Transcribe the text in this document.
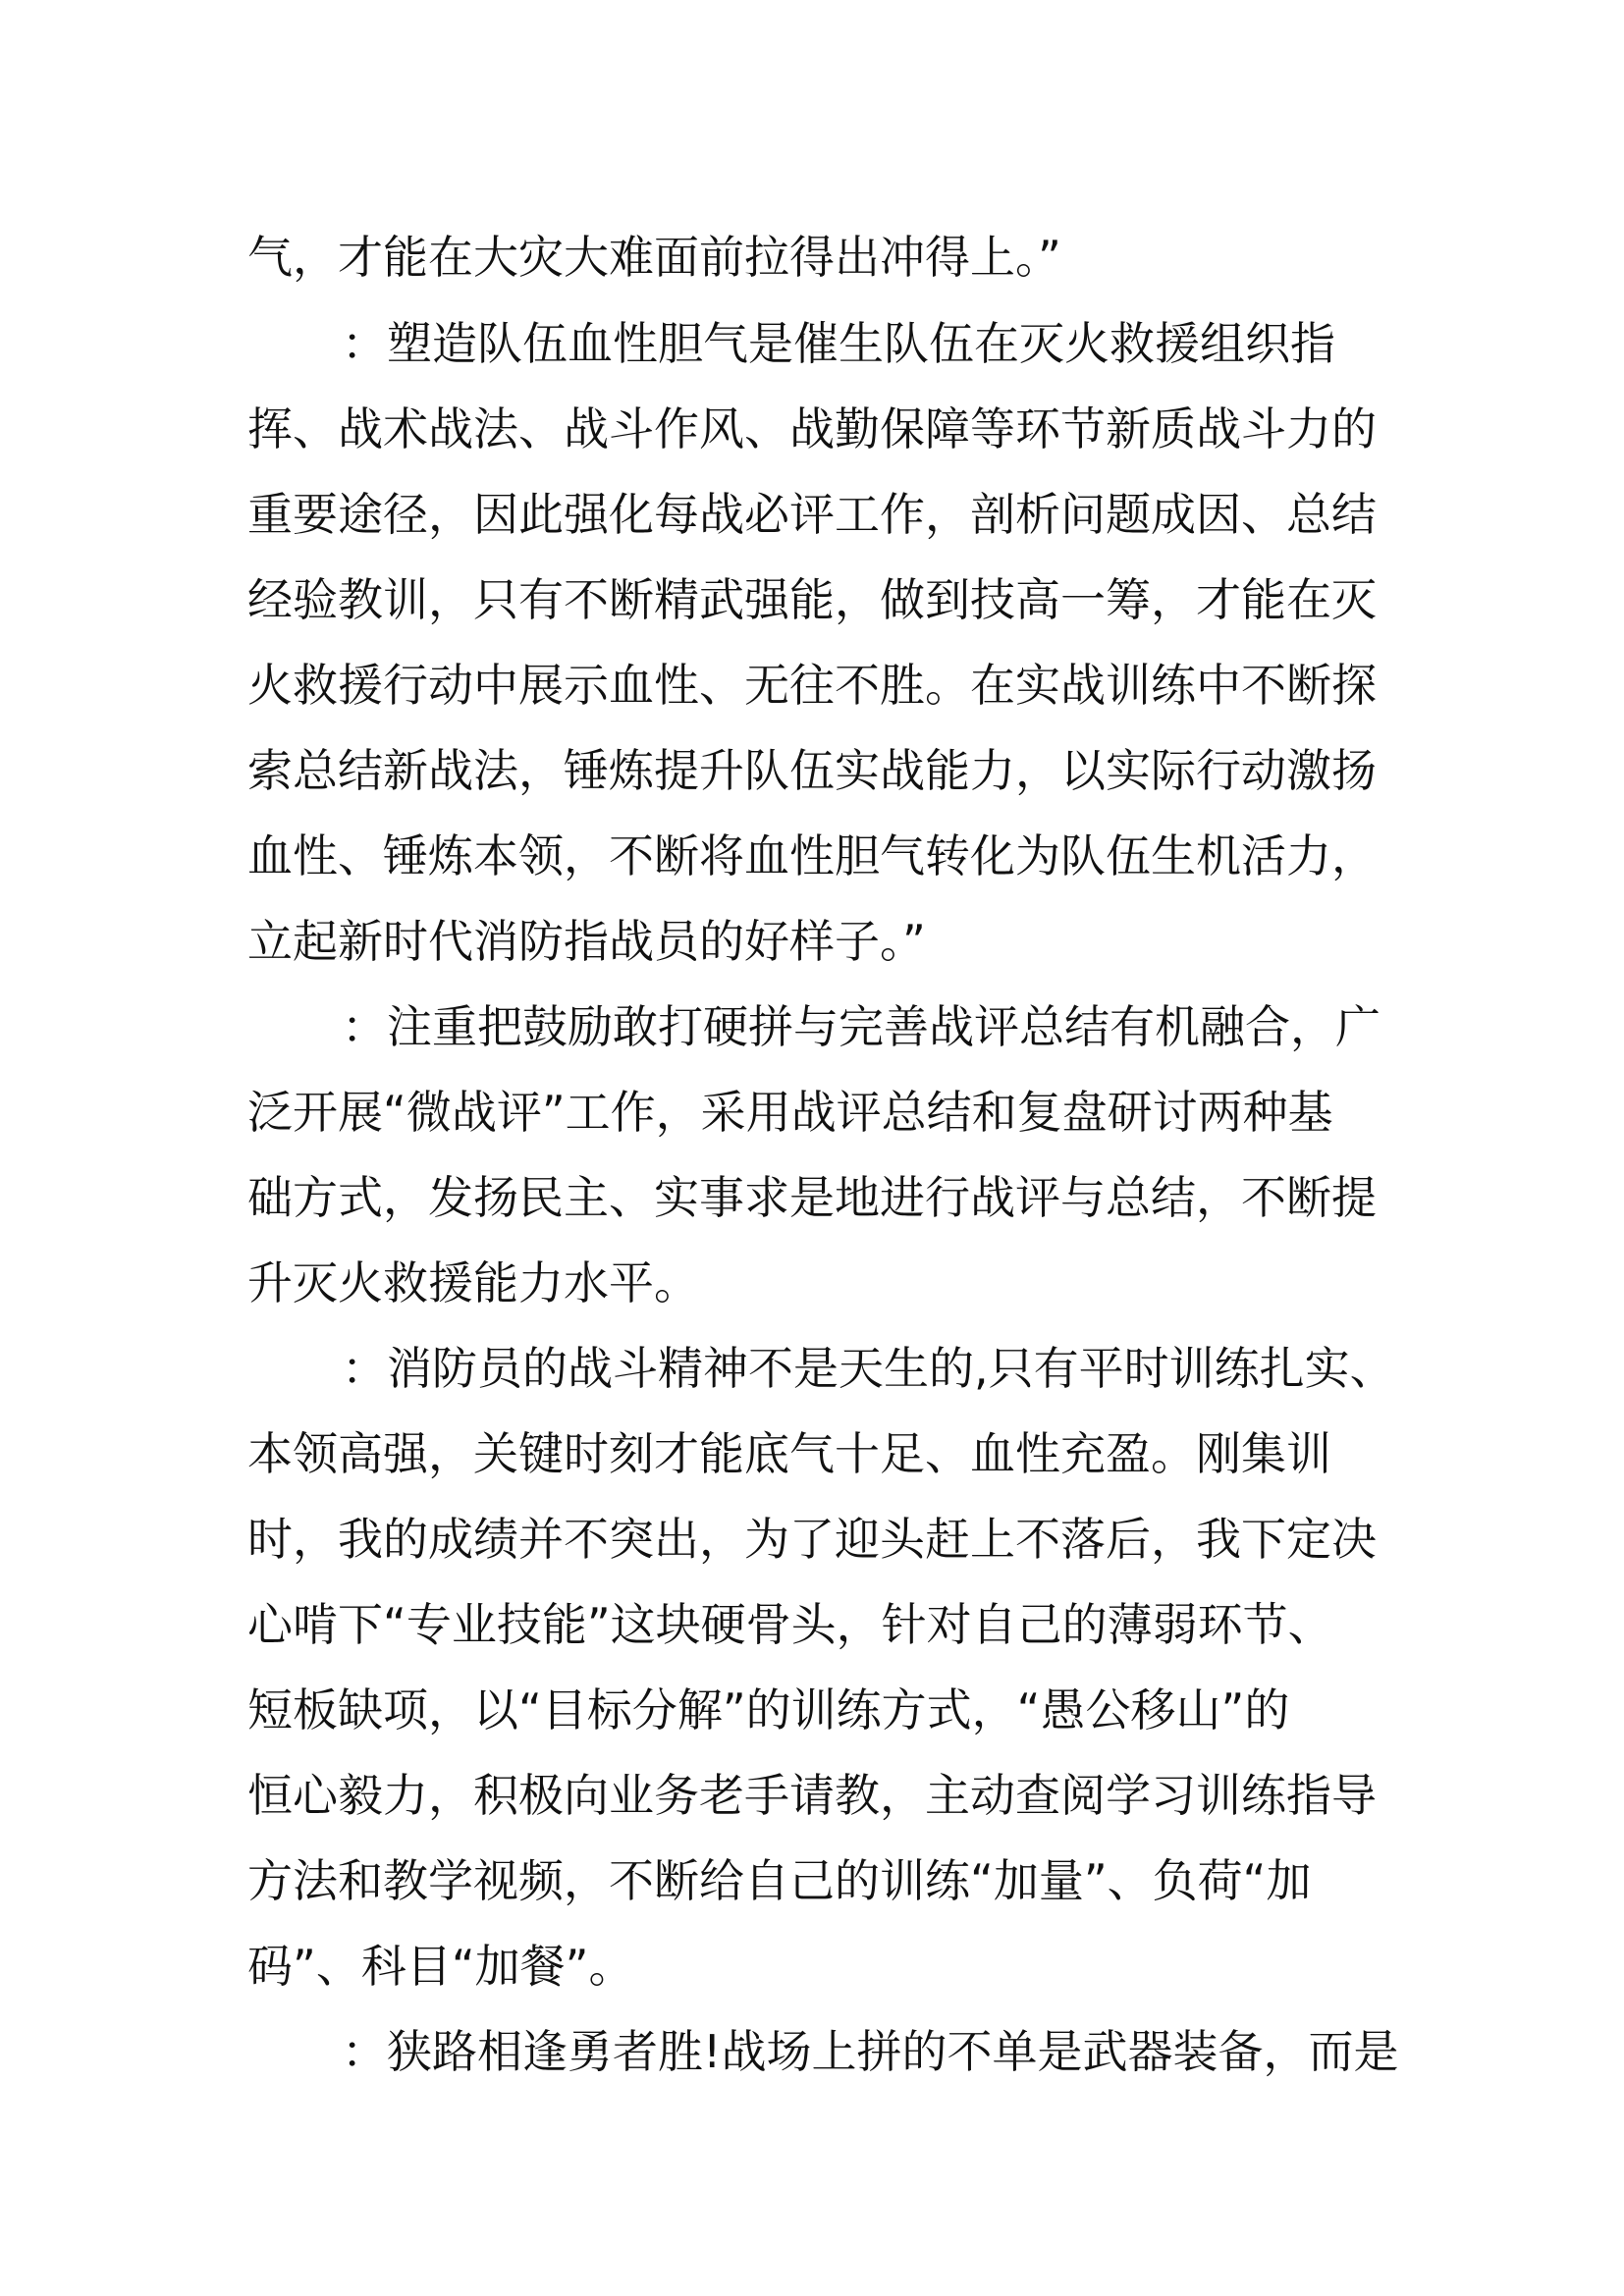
气，才能在大灾大难面前拉得出冲得上。”
：塑造队伍血性胆气是催生队伍在灭火救援组织指
挥、战术战法、战斗作风、战勤保障等环节新质战斗力的
重要途径，因此强化每战必评工作，剖析问题成因、总结
经验教训，只有不断精武强能，做到技高一筹，才能在灭
火救援行动中展示血性、无往不胜。在实战训练中不断探
索总结新战法，锤炼提升队伍实战能力，以实际行动激扬
血性、锤炼本领，不断将血性胆气转化为队伍生机活力，
立起新时代消防指战员的好样子。”
：注重把鼓励敢打硬拼与完善战评总结有机融合，广
泛开展“微战评”工作，采用战评总结和复盘研讨两种基
础方式，发扬民主、实事求是地进行战评与总结，不断提
升灭火救援能力水平。
：消防员的战斗精神不是天生的,只有平时训练扎实、
本领高强，关键时刻才能底气十足、血性充盈。刚集训
时，我的成绩并不突出，为了迎头赶上不落后，我下定决
心啃下“专业技能”这块硬骨头，针对自己的薄弱环节、
短板缺项，以“目标分解”的训练方式，“愚公移山”的
恒心毅力，积极向业务老手请教，主动查阅学习训练指导
方法和教学视频，不断给自己的训练“加量”、负荷“加
码”、科目“加餐”。
：狭路相逢勇者胜!战场上拼的不单是武器装备，而是
